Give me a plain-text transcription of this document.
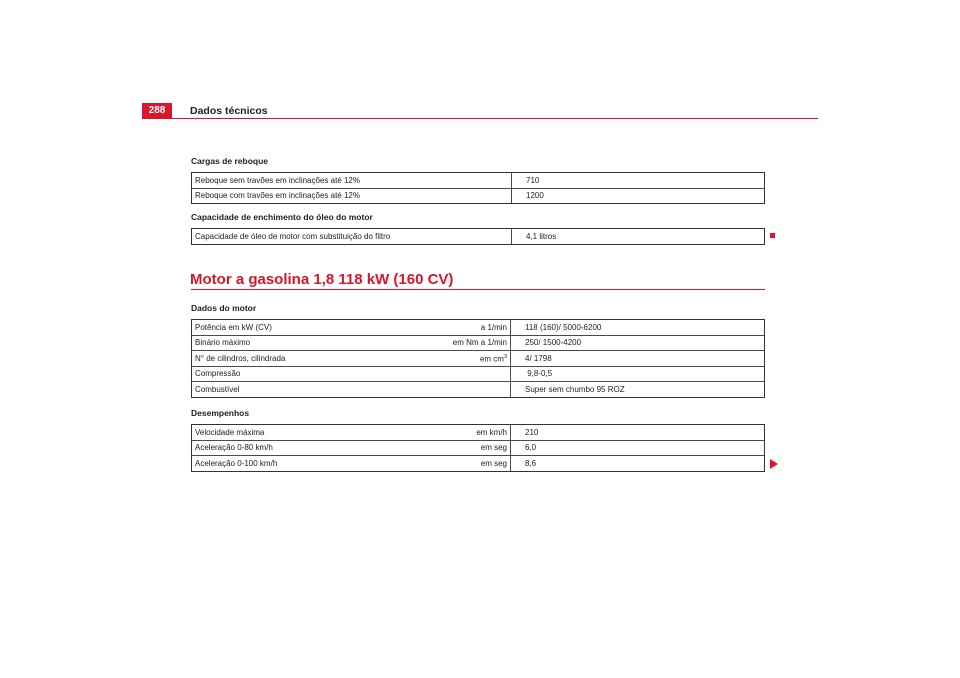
288	Dados técnicos
Cargas de reboque
Reboque sem travões em inclinações até 12%	710
Reboque com travões em inclinações até 12%	1200
Capacidade de enchimento do óleo do motor
Capacidade de óleo de motor com substituição do filtro	4,1 litros
Motor a gasolina 1,8 118 kW (160 CV)
Dados do motor
Potência em kW (CV)	a 1/min	118 (160)/ 5000-6200
Binário máximo	em Nm a 1/min	250/ 1500-4200
N° de cilindros, cilindrada	em $cm^3$	4/ 1798
Compressão		9,8-0,5
Combustível		Super sem chumbo 95 ROZ
Desempenhos
Velocidade máxima	em km/h	210
Aceleração 0-80 km/h	em seg	6,0
Aceleração 0-100 km/h	em seg	8,6
